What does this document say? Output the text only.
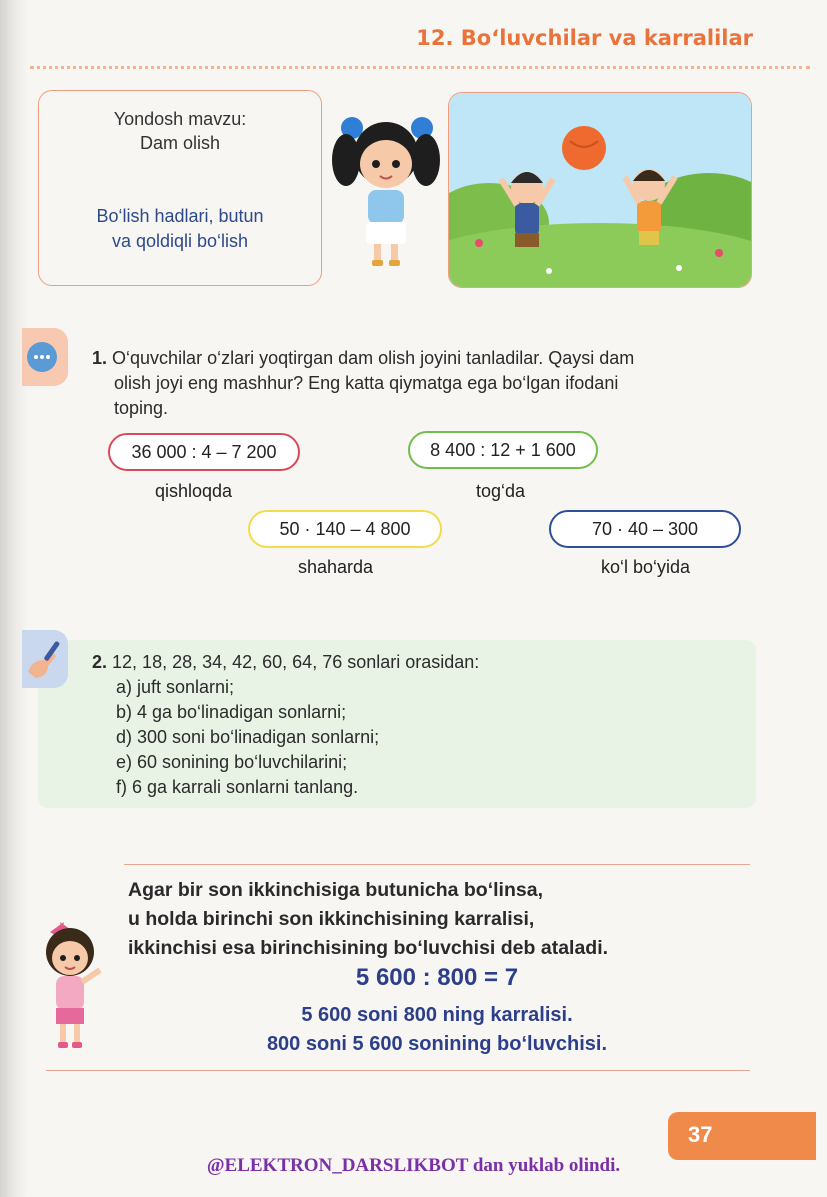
12. Bo‘luvchilar va karralilar
Yondosh mavzu:
Dam olish
Bo‘lish hadlari, butun
va qoldiqli bo‘lish
1. O‘quvchilar o‘zlari yoqtirgan dam olish joyini tanladilar. Qaysi dam
olish joyi eng mashhur? Eng katta qiymatga ega bo‘lgan ifodani
toping.
36 000 : 4 – 7 200
qishloqda
8 400 : 12 + 1 600
tog‘da
50 · 140 – 4 800
shaharda
70 · 40 – 300
ko‘l bo‘yida
2. 12, 18, 28, 34, 42, 60, 64, 76 sonlari orasidan:
a) juft sonlarni;
b) 4 ga bo‘linadigan sonlarni;
d) 300 soni bo‘linadigan sonlarni;
e) 60 sonining bo‘luvchilarini;
f) 6 ga karrali sonlarni tanlang.
Agar bir son ikkinchisiga butunicha bo‘linsa,
u holda birinchi son ikkinchisining karralisi,
ikkinchisi esa birinchisining bo‘luvchisi deb ataladi.
5 600 : 800 = 7
5 600 soni 800 ning karralisi.
800 soni 5 600 sonining bo‘luvchisi.
37
@ELEKTRON_DARSLIKBOT dan yuklab olindi.
